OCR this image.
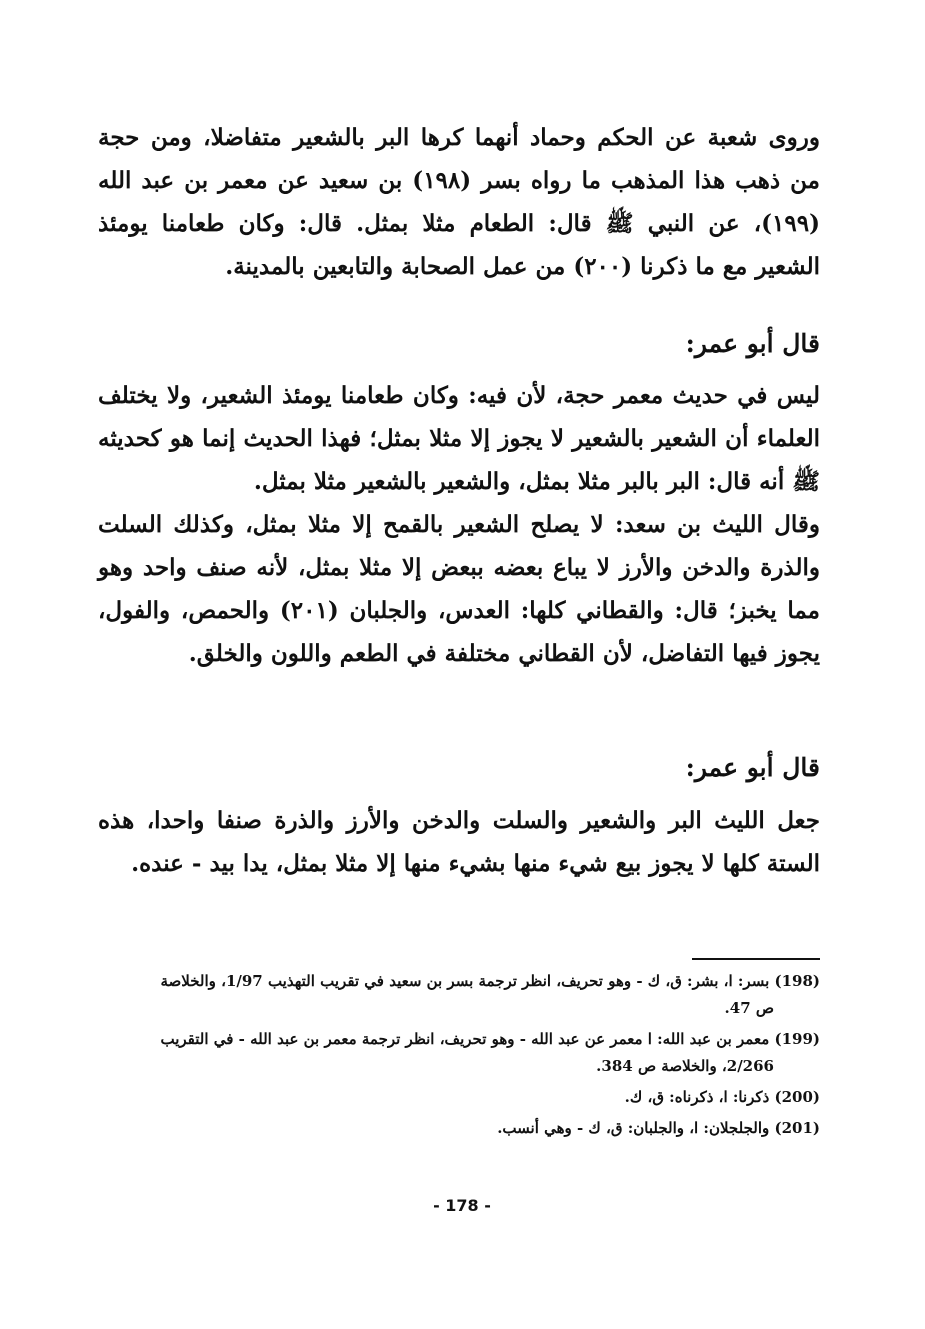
وروى شعبة عن الحكم وحماد أنهما كرها البر بالشعير متفاضلا، ومن حجة من ذهب هذا المذهب ما رواه بسر (١٩٨) بن سعيد عن معمر بن عبد الله (١٩٩)، عن النبي ﷺ قال: الطعام مثلا بمثل. قال: وكان طعامنا يومئذ الشعير مع ما ذكرنا (٢٠٠) من عمل الصحابة والتابعين بالمدينة.

قال أبو عمر:

ليس في حديث معمر حجة، لأن فيه: وكان طعامنا يومئذ الشعير، ولا يختلف العلماء أن الشعير بالشعير لا يجوز إلا مثلا بمثل؛ فهذا الحديث إنما هو كحديثه ﷺ أنه قال: البر بالبر مثلا بمثل، والشعير بالشعير مثلا بمثل.

وقال الليث بن سعد: لا يصلح الشعير بالقمح إلا مثلا بمثل، وكذلك السلت والذرة والدخن والأرز لا يباع بعضه ببعض إلا مثلا بمثل، لأنه صنف واحد وهو مما يخبز؛ قال: والقطاني كلها: العدس، والجلبان (٢٠١) والحمص، والفول، يجوز فيها التفاضل، لأن القطاني مختلفة في الطعم واللون والخلق.

قال أبو عمر:

جعل الليث البر والشعير والسلت والدخن والأرز والذرة صنفا واحدا، هذه الستة كلها لا يجوز بيع شيء منها بشيء منها إلا مثلا بمثل، يدا بيد - عنده.

(198) بسر: ا، بشر: ق، ك - وهو تحريف، انظر ترجمة بسر بن سعيد في تقريب التهذيب 1/97، والخلاصة
ص 47.

(199) معمر بن عبد الله: ا معمر عن عبد الله - وهو تحريف، انظر ترجمة معمر بن عبد الله - في التقريب
2/266، والخلاصة ص 384.

(200) ذكرنا: ا، ذكرناه: ق، ك.

(201) والجلجلان: ا، والجلبان: ق، ك - وهي أنسب.

- 178 -
